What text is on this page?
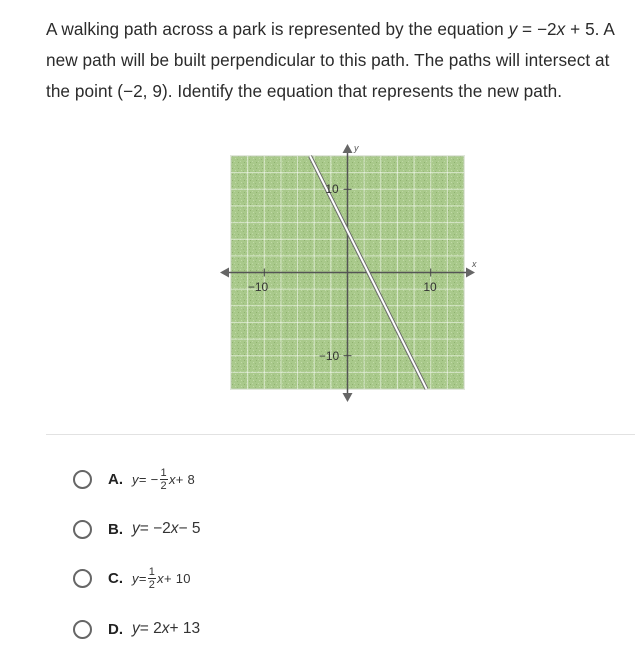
A walking path across a park is represented by the equation y = −2x + 5. A
new path will be built perpendicular to this path. The paths will intersect at
the point (−2, 9). Identify the equation that represents the new path.

−10	10
10
−10
x
y
A. y = − $\frac{1}{2}$ x + 8
B. y = −2 x − 5
C. $y = \frac{1}{2}$ x + 10
D. y = 2 x + 13
